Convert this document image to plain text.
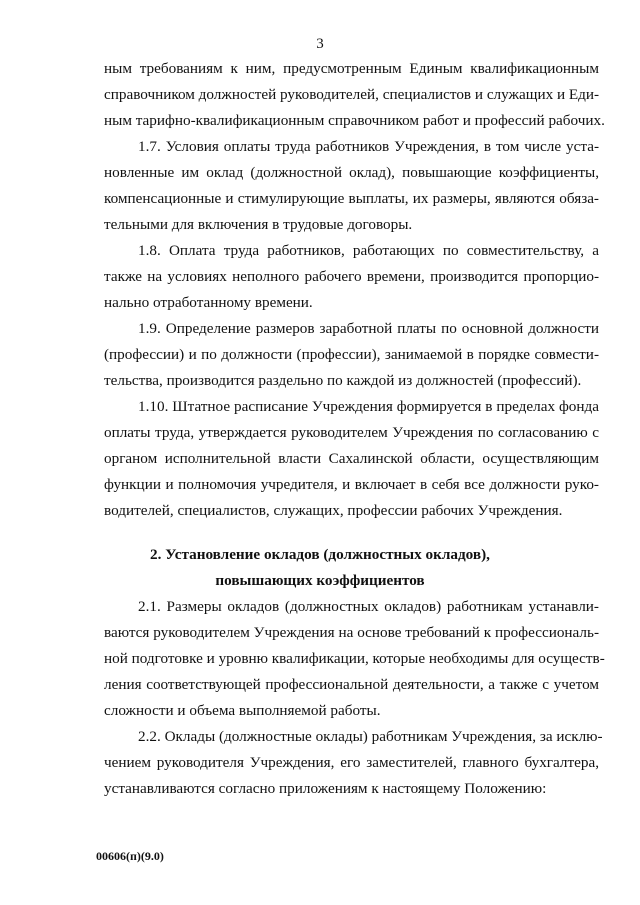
3
ным требованиям к ним, предусмотренным Единым квалификационным
справочником должностей руководителей, специалистов и служащих и Еди-
ным тарифно-квалификационным справочником работ и профессий рабочих.
1.7. Условия оплаты труда работников Учреждения, в том числе уста-
новленные им оклад (должностной оклад), повышающие коэффициенты,
компенсационные и стимулирующие выплаты, их размеры, являются обяза-
тельными для включения в трудовые договоры.
1.8. Оплата труда работников, работающих по совместительству, а
также на условиях неполного рабочего времени, производится пропорцио-
нально отработанному времени.
1.9. Определение размеров заработной платы по основной должности
(профессии) и по должности (профессии), занимаемой в порядке совмести-
тельства, производится раздельно по каждой из должностей (профессий).
1.10. Штатное расписание Учреждения формируется в пределах фонда
оплаты труда, утверждается руководителем Учреждения по согласованию с
органом исполнительной власти Сахалинской области, осуществляющим
функции и полномочия учредителя, и включает в себя все должности руко-
водителей, специалистов, служащих, профессии рабочих Учреждения.
2. Установление окладов (должностных окладов),
повышающих коэффициентов
2.1. Размеры окладов (должностных окладов) работникам устанавли-
ваются руководителем Учреждения на основе требований к профессиональ-
ной подготовке и уровню квалификации, которые необходимы для осуществ-
ления соответствующей профессиональной деятельности, а также с учетом
сложности и объема выполняемой работы.
2.2. Оклады (должностные оклады) работникам Учреждения, за исклю-
чением руководителя Учреждения, его заместителей, главного бухгалтера,
устанавливаются согласно приложениям к настоящему Положению:
00606(п)(9.0)
